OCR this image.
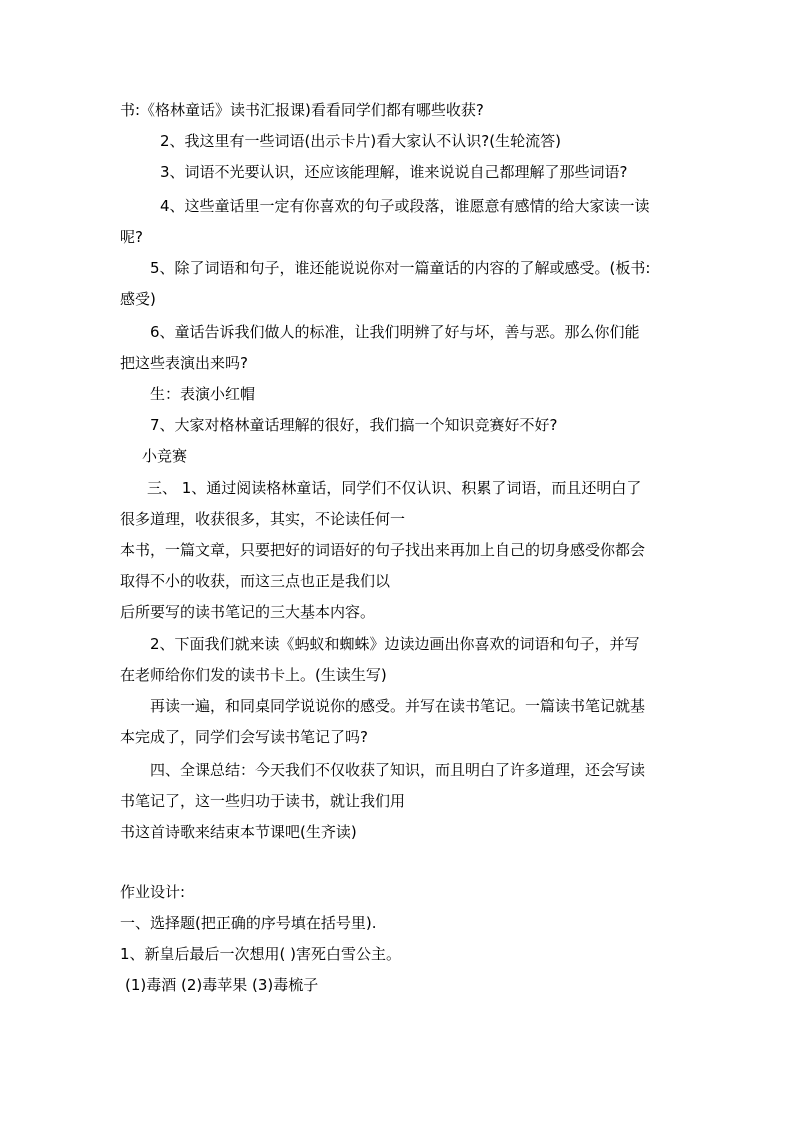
书:《格林童话》读书汇报课)看看同学们都有哪些收获?
2、我这里有一些词语(出示卡片)看大家认不认识?(生轮流答)
3、词语不光要认识，还应该能理解，谁来说说自己都理解了那些词语?
4、这些童话里一定有你喜欢的句子或段落，谁愿意有感情的给大家读一读
呢?
5、除了词语和句子，谁还能说说你对一篇童话的内容的了解或感受。(板书:
感受)
6、童话告诉我们做人的标准，让我们明辨了好与坏，善与恶。那么你们能
把这些表演出来吗?
生：表演小红帽
7、大家对格林童话理解的很好，我们搞一个知识竞赛好不好?
小竞赛
三、 1、通过阅读格林童话，同学们不仅认识、积累了词语，而且还明白了
很多道理，收获很多，其实，不论读任何一
本书，一篇文章，只要把好的词语好的句子找出来再加上自己的切身感受你都会
取得不小的收获，而这三点也正是我们以
后所要写的读书笔记的三大基本内容。
2、下面我们就来读《蚂蚁和蜘蛛》边读边画出你喜欢的词语和句子，并写
在老师给你们发的读书卡上。(生读生写)
再读一遍，和同桌同学说说你的感受。并写在读书笔记。一篇读书笔记就基
本完成了，同学们会写读书笔记了吗?
四、全课总结：今天我们不仅收获了知识，而且明白了许多道理，还会写读
书笔记了，这一些归功于读书，就让我们用
书这首诗歌来结束本节课吧(生齐读)
作业设计:
一、选择题(把正确的序号填在括号里).
1、新皇后最后一次想用( )害死白雪公主。
(1)毒酒 (2)毒苹果 (3)毒梳子
